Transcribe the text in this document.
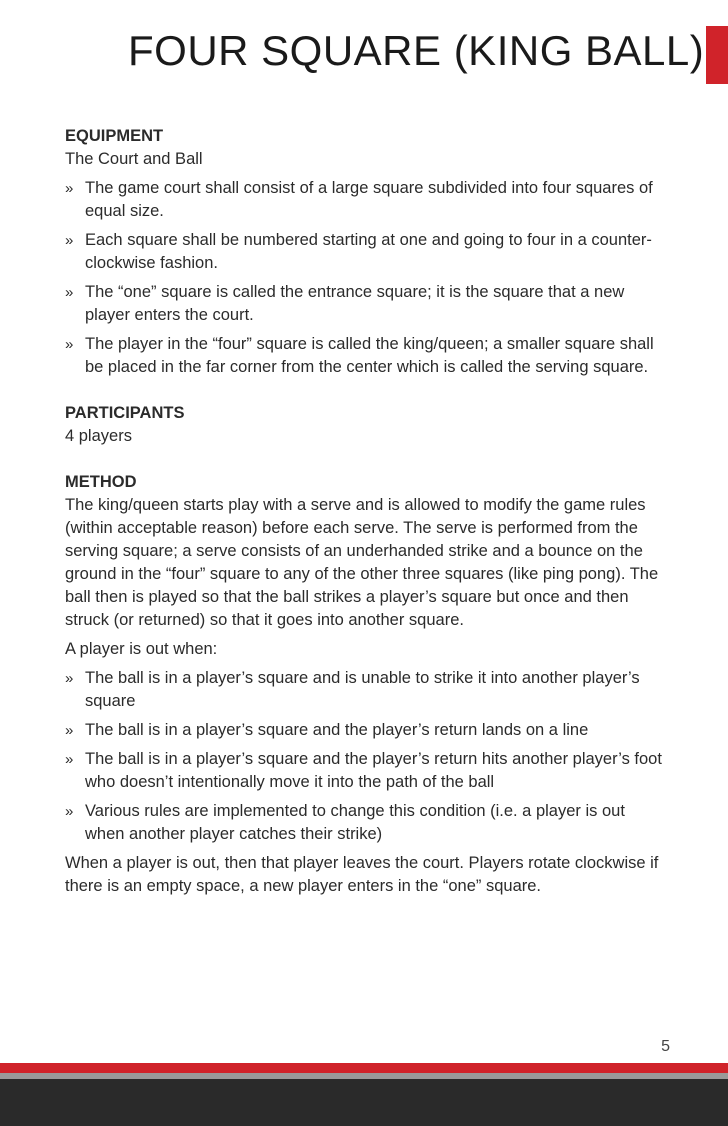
FOUR SQUARE (KING BALL)

EQUIPMENT

The Court and Ball

» The game court shall consist of a large square subdivided into four squares of equal size.
» Each square shall be numbered starting at one and going to four in a counter-clockwise fashion.
» The “one” square is called the entrance square; it is the square that a new player enters the court.
» The player in the “four” square is called the king/queen; a smaller square shall be placed in the far corner from the center which is called the serving square.

PARTICIPANTS

4 players

METHOD

The king/queen starts play with a serve and is allowed to modify the game rules (within acceptable reason) before each serve. The serve is performed from the serving square; a serve consists of an underhanded strike and a bounce on the ground in the “four” square to any of the other three squares (like ping pong). The ball then is played so that the ball strikes a player’s square but once and then struck (or returned) so that it goes into another square.

A player is out when:

» The ball is in a player’s square and is unable to strike it into another player’s square
» The ball is in a player’s square and the player’s return lands on a line
» The ball is in a player’s square and the player’s return hits another player’s foot who doesn’t intentionally move it into the path of the ball
» Various rules are implemented to change this condition (i.e. a player is out when another player catches their strike)

When a player is out, then that player leaves the court. Players rotate clockwise if there is an empty space, a new player enters in the “one” square.

5
